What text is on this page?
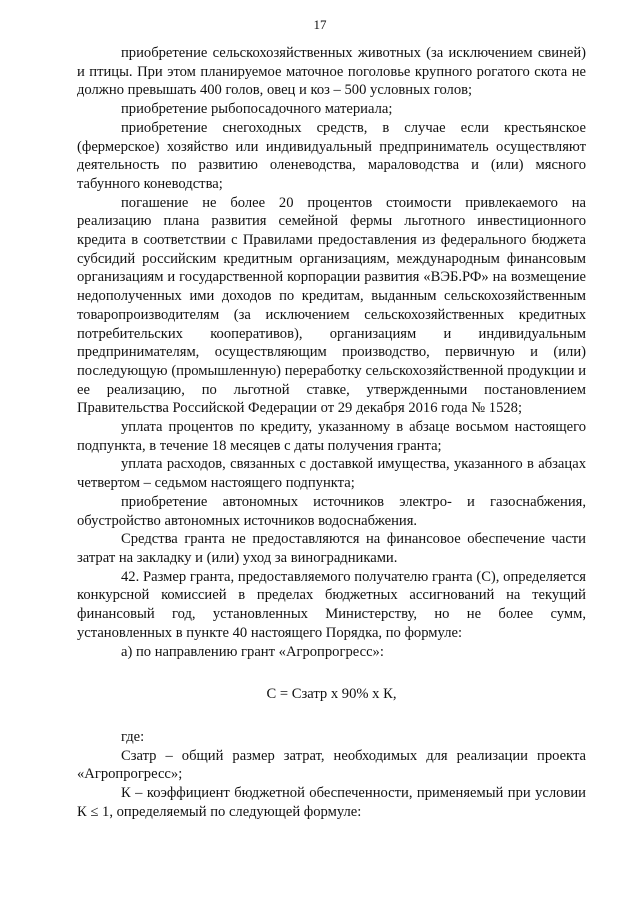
17

приобретение сельскохозяйственных животных (за исключением свиней) и птицы. При этом планируемое маточное поголовье крупного рогатого скота не должно превышать 400 голов, овец и коз – 500 условных голов;

приобретение рыбопосадочного материала;

приобретение снегоходных средств, в случае если крестьянское (фермерское) хозяйство или индивидуальный предприниматель осуществляют деятельность по развитию оленеводства, мараловодства и (или) мясного табунного коневодства;

погашение не более 20 процентов стоимости привлекаемого на реализацию плана развития семейной фермы льготного инвестиционного кредита в соответствии с Правилами предоставления из федерального бюджета субсидий российским кредитным организациям, международным финансовым организациям и государственной корпорации развития «ВЭБ.РФ» на возмещение недополученных ими доходов по кредитам, выданным сельскохозяйственным товаропроизводителям (за исключением сельскохозяйственных кредитных потребительских кооперативов), организациям и индивидуальным предпринимателям, осуществляющим производство, первичную и (или) последующую (промышленную) переработку сельскохозяйственной продукции и ее реализацию, по льготной ставке, утвержденными постановлением Правительства Российской Федерации от 29 декабря 2016 года № 1528;

уплата процентов по кредиту, указанному в абзаце восьмом настоящего подпункта, в течение 18 месяцев с даты получения гранта;

уплата расходов, связанных с доставкой имущества, указанного в абзацах четвертом – седьмом настоящего подпункта;

приобретение автономных источников электро- и газоснабжения, обустройство автономных источников водоснабжения.

Средства гранта не предоставляются на финансовое обеспечение части затрат на закладку и (или) уход за виноградниками.

42. Размер гранта, предоставляемого получателю гранта (С), определяется конкурсной комиссией в пределах бюджетных ассигнований на текущий финансовый год, установленных Министерству, но не более сумм, установленных в пункте 40 настоящего Порядка, по формуле:

а) по направлению грант «Агропрогресс»:

С = Сзатр х 90% х К,

где:

Сзатр – общий размер затрат, необходимых для реализации проекта «Агропрогресс»;

К – коэффициент бюджетной обеспеченности, применяемый при условии К ≤ 1, определяемый по следующей формуле:
